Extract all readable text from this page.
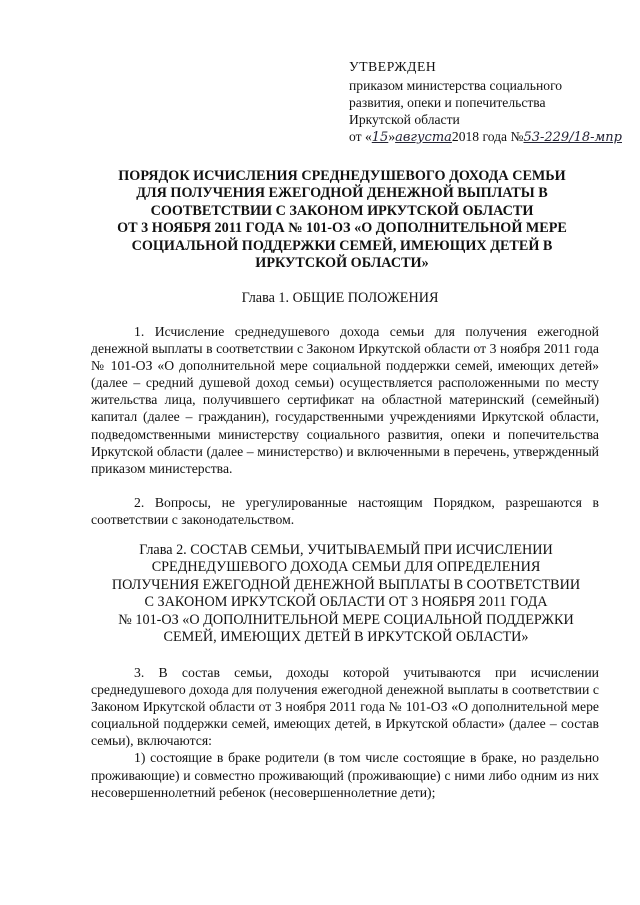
УТВЕРЖДЕН
приказом министерства социального
развития, опеки и попечительства
Иркутской области
от «15»августа2018 года №53-229/18-мпр
ПОРЯДОК ИСЧИСЛЕНИЯ СРЕДНЕДУШЕВОГО ДОХОДА СЕМЬИ
ДЛЯ ПОЛУЧЕНИЯ ЕЖЕГОДНОЙ ДЕНЕЖНОЙ ВЫПЛАТЫ В
СООТВЕТСТВИИ С ЗАКОНОМ ИРКУТСКОЙ ОБЛАСТИ
ОТ 3 НОЯБРЯ 2011 ГОДА № 101-ОЗ «О ДОПОЛНИТЕЛЬНОЙ МЕРЕ
СОЦИАЛЬНОЙ ПОДДЕРЖКИ СЕМЕЙ, ИМЕЮЩИХ ДЕТЕЙ В
ИРКУТСКОЙ ОБЛАСТИ»
Глава 1. ОБЩИЕ ПОЛОЖЕНИЯ

1. Исчисление среднедушевого дохода семьи для получения ежегодной денежной выплаты в соответствии с Законом Иркутской области от 3 ноября 2011 года № 101-ОЗ «О дополнительной мере социальной поддержки семей, имеющих детей» (далее – средний душевой доход семьи) осуществляется расположенными по месту жительства лица, получившего сертификат на областной материнский (семейный) капитал (далее – гражданин), государственными учреждениями Иркутской области, подведомственными министерству социального развития, опеки и попечительства Иркутской области (далее – министерство) и включенными в перечень, утвержденный приказом министерства.

2. Вопросы, не урегулированные настоящим Порядком, разрешаются в соответствии с законодательством.

Глава 2. СОСТАВ СЕМЬИ, УЧИТЫВАЕМЫЙ ПРИ ИСЧИСЛЕНИИ
СРЕДНЕДУШЕВОГО ДОХОДА СЕМЬИ ДЛЯ ОПРЕДЕЛЕНИЯ
ПОЛУЧЕНИЯ ЕЖЕГОДНОЙ ДЕНЕЖНОЙ ВЫПЛАТЫ В СООТВЕТСТВИИ
С ЗАКОНОМ ИРКУТСКОЙ ОБЛАСТИ ОТ 3 НОЯБРЯ 2011 ГОДА
№ 101-ОЗ «О ДОПОЛНИТЕЛЬНОЙ МЕРЕ СОЦИАЛЬНОЙ ПОДДЕРЖКИ
СЕМЕЙ, ИМЕЮЩИХ ДЕТЕЙ В ИРКУТСКОЙ ОБЛАСТИ»

3. В состав семьи, доходы которой учитываются при исчислении среднедушевого дохода для получения ежегодной денежной выплаты в соответствии с Законом Иркутской области от 3 ноября 2011 года № 101-ОЗ «О дополнительной мере социальной поддержки семей, имеющих детей, в Иркутской области» (далее – состав семьи), включаются:

1) состоящие в браке родители (в том числе состоящие в браке, но раздельно проживающие) и совместно проживающий (проживающие) с ними либо одним из них несовершеннолетний ребенок (несовершеннолетние дети);
